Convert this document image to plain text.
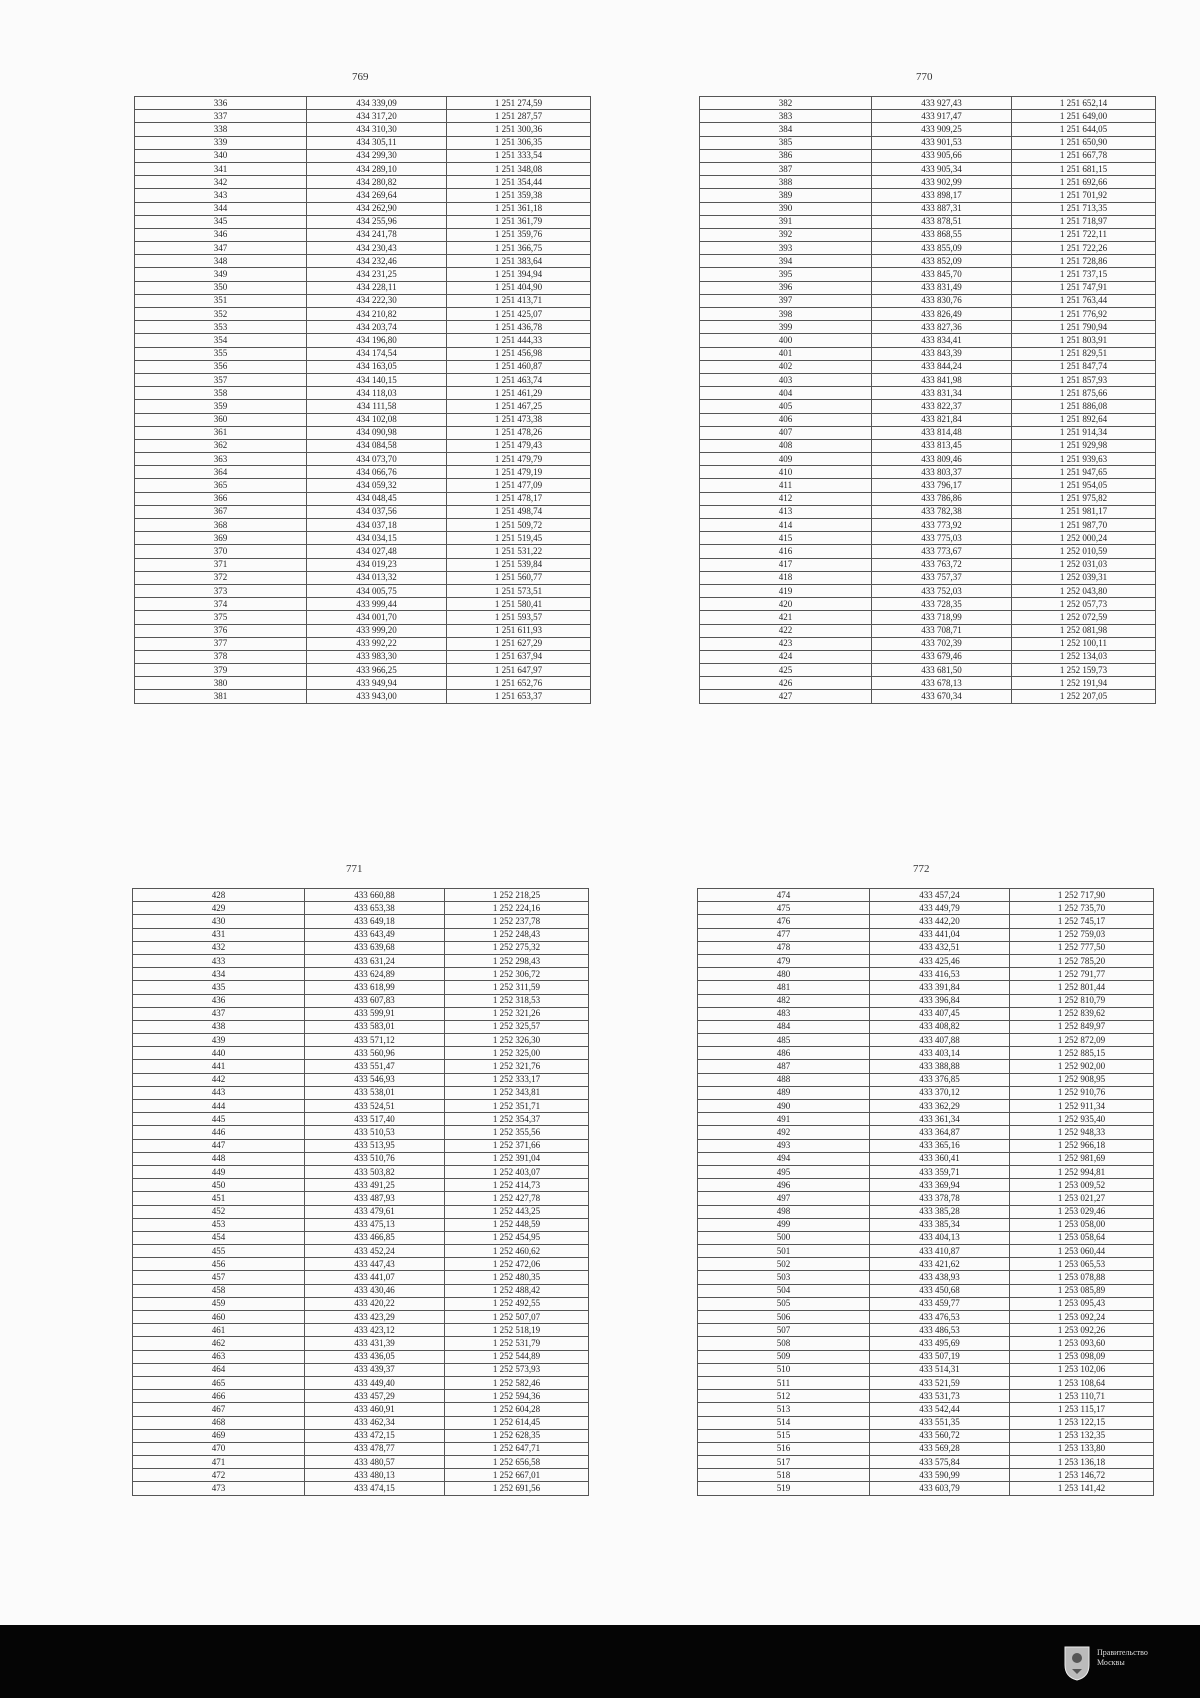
769	770
771	772
336	434 339,09	1 251 274,59
337	434 317,20	1 251 287,57
338	434 310,30	1 251 300,36
339	434 305,11	1 251 306,35
340	434 299,30	1 251 333,54
341	434 289,10	1 251 348,08
342	434 280,82	1 251 354,44
343	434 269,64	1 251 359,38
344	434 262,90	1 251 361,18
345	434 255,96	1 251 361,79
346	434 241,78	1 251 359,76
347	434 230,43	1 251 366,75
348	434 232,46	1 251 383,64
349	434 231,25	1 251 394,94
350	434 228,11	1 251 404,90
351	434 222,30	1 251 413,71
352	434 210,82	1 251 425,07
353	434 203,74	1 251 436,78
354	434 196,80	1 251 444,33
355	434 174,54	1 251 456,98
356	434 163,05	1 251 460,87
357	434 140,15	1 251 463,74
358	434 118,03	1 251 461,29
359	434 111,58	1 251 467,25
360	434 102,08	1 251 473,38
361	434 090,98	1 251 478,26
362	434 084,58	1 251 479,43
363	434 073,70	1 251 479,79
364	434 066,76	1 251 479,19
365	434 059,32	1 251 477,09
366	434 048,45	1 251 478,17
367	434 037,56	1 251 498,74
368	434 037,18	1 251 509,72
369	434 034,15	1 251 519,45
370	434 027,48	1 251 531,22
371	434 019,23	1 251 539,84
372	434 013,32	1 251 560,77
373	434 005,75	1 251 573,51
374	433 999,44	1 251 580,41
375	434 001,70	1 251 593,57
376	433 999,20	1 251 611,93
377	433 992,22	1 251 627,29
378	433 983,30	1 251 637,94
379	433 966,25	1 251 647,97
380	433 949,94	1 251 652,76
381	433 943,00	1 251 653,37
382	433 927,43	1 251 652,14
383	433 917,47	1 251 649,00
384	433 909,25	1 251 644,05
385	433 901,53	1 251 650,90
386	433 905,66	1 251 667,78
387	433 905,34	1 251 681,15
388	433 902,99	1 251 692,66
389	433 898,17	1 251 701,92
390	433 887,31	1 251 713,35
391	433 878,51	1 251 718,97
392	433 868,55	1 251 722,11
393	433 855,09	1 251 722,26
394	433 852,09	1 251 728,86
395	433 845,70	1 251 737,15
396	433 831,49	1 251 747,91
397	433 830,76	1 251 763,44
398	433 826,49	1 251 776,92
399	433 827,36	1 251 790,94
400	433 834,41	1 251 803,91
401	433 843,39	1 251 829,51
402	433 844,24	1 251 847,74
403	433 841,98	1 251 857,93
404	433 831,34	1 251 875,66
405	433 822,37	1 251 886,08
406	433 821,84	1 251 892,64
407	433 814,48	1 251 914,34
408	433 813,45	1 251 929,98
409	433 809,46	1 251 939,63
410	433 803,37	1 251 947,65
411	433 796,17	1 251 954,05
412	433 786,86	1 251 975,82
413	433 782,38	1 251 981,17
414	433 773,92	1 251 987,70
415	433 775,03	1 252 000,24
416	433 773,67	1 252 010,59
417	433 763,72	1 252 031,03
418	433 757,37	1 252 039,31
419	433 752,03	1 252 043,80
420	433 728,35	1 252 057,73
421	433 718,99	1 252 072,59
422	433 708,71	1 252 081,98
423	433 702,39	1 252 100,11
424	433 679,46	1 252 134,03
425	433 681,50	1 252 159,73
426	433 678,13	1 252 191,94
427	433 670,34	1 252 207,05
428	433 660,88	1 252 218,25
429	433 653,38	1 252 224,16
430	433 649,18	1 252 237,78
431	433 643,49	1 252 248,43
432	433 639,68	1 252 275,32
433	433 631,24	1 252 298,43
434	433 624,89	1 252 306,72
435	433 618,99	1 252 311,59
436	433 607,83	1 252 318,53
437	433 599,91	1 252 321,26
438	433 583,01	1 252 325,57
439	433 571,12	1 252 326,30
440	433 560,96	1 252 325,00
441	433 551,47	1 252 321,76
442	433 546,93	1 252 333,17
443	433 538,01	1 252 343,81
444	433 524,51	1 252 351,71
445	433 517,40	1 252 354,37
446	433 510,53	1 252 355,56
447	433 513,95	1 252 371,66
448	433 510,76	1 252 391,04
449	433 503,82	1 252 403,07
450	433 491,25	1 252 414,73
451	433 487,93	1 252 427,78
452	433 479,61	1 252 443,25
453	433 475,13	1 252 448,59
454	433 466,85	1 252 454,95
455	433 452,24	1 252 460,62
456	433 447,43	1 252 472,06
457	433 441,07	1 252 480,35
458	433 430,46	1 252 488,42
459	433 420,22	1 252 492,55
460	433 423,29	1 252 507,07
461	433 423,12	1 252 518,19
462	433 431,39	1 252 531,79
463	433 436,05	1 252 544,89
464	433 439,37	1 252 573,93
465	433 449,40	1 252 582,46
466	433 457,29	1 252 594,36
467	433 460,91	1 252 604,28
468	433 462,34	1 252 614,45
469	433 472,15	1 252 628,35
470	433 478,77	1 252 647,71
471	433 480,57	1 252 656,58
472	433 480,13	1 252 667,01
473	433 474,15	1 252 691,56
474	433 457,24	1 252 717,90
475	433 449,79	1 252 735,70
476	433 442,20	1 252 745,17
477	433 441,04	1 252 759,03
478	433 432,51	1 252 777,50
479	433 425,46	1 252 785,20
480	433 416,53	1 252 791,77
481	433 391,84	1 252 801,44
482	433 396,84	1 252 810,79
483	433 407,45	1 252 839,62
484	433 408,82	1 252 849,97
485	433 407,88	1 252 872,09
486	433 403,14	1 252 885,15
487	433 388,88	1 252 902,00
488	433 376,85	1 252 908,95
489	433 370,12	1 252 910,76
490	433 362,29	1 252 911,34
491	433 361,34	1 252 935,40
492	433 364,87	1 252 948,33
493	433 365,16	1 252 966,18
494	433 360,41	1 252 981,69
495	433 359,71	1 252 994,81
496	433 369,94	1 253 009,52
497	433 378,78	1 253 021,27
498	433 385,28	1 253 029,46
499	433 385,34	1 253 058,00
500	433 404,13	1 253 058,64
501	433 410,87	1 253 060,44
502	433 421,62	1 253 065,53
503	433 438,93	1 253 078,88
504	433 450,68	1 253 085,89
505	433 459,77	1 253 095,43
506	433 476,53	1 253 092,24
507	433 486,53	1 253 092,26
508	433 495,69	1 253 093,60
509	433 507,19	1 253 098,09
510	433 514,31	1 253 102,06
511	433 521,59	1 253 108,64
512	433 531,73	1 253 110,71
513	433 542,44	1 253 115,17
514	433 551,35	1 253 122,15
515	433 560,72	1 253 132,35
516	433 569,28	1 253 133,80
517	433 575,84	1 253 136,18
518	433 590,99	1 253 146,72
519	433 603,79	1 253 141,42
Правительство
Москвы
